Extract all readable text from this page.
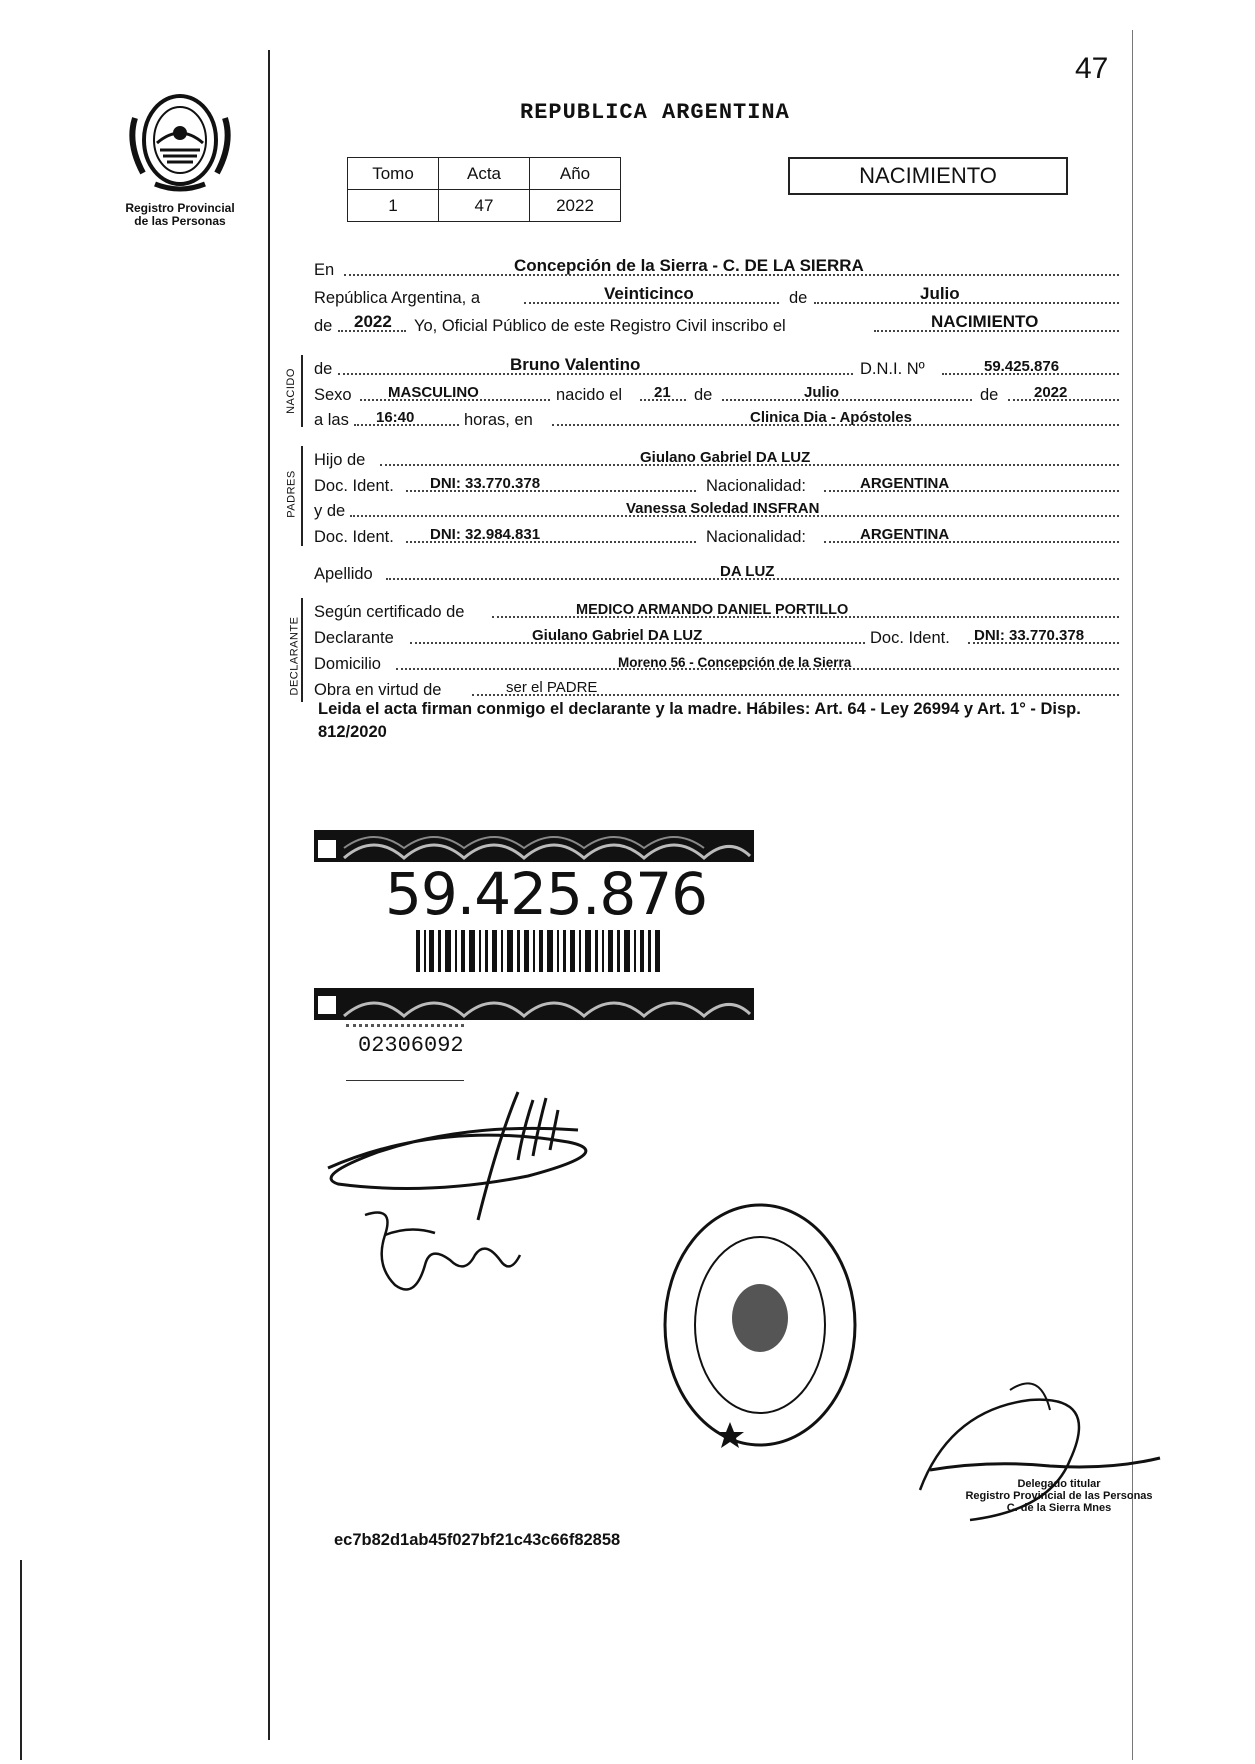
47
Registro Provincial
de las Personas
REPUBLICA ARGENTINA
Tomo	Acta	Año
1	47	2022
NACIMIENTO
En	Concepción de la Sierra - C. DE LA SIERRA
República Argentina, a	Veinticinco	de	Julio
de 2022 Yo, Oficial Público de este Registro Civil inscribo el	NACIMIENTO
NACIDO de	Bruno Valentino	D.N.I. Nº	59.425.876
Sexo MASCULINO	nacido el 21 de	Julio	de 2022
a las 16:40	horas, en	Clinica Dia - Apóstoles
PADRES
Hijo de	Giulano Gabriel DA LUZ
Doc. Ident. DNI: 33.770.378	Nacionalidad:	ARGENTINA
y de	Vanessa Soledad INSFRAN
Doc. Ident. DNI: 32.984.831	Nacionalidad:	ARGENTINA
Apellido	DA LUZ
DECLARANTE
Según certificado de	MEDICO ARMANDO DANIEL PORTILLO
Declarante	Giulano Gabriel DA LUZ	Doc. Ident. DNI: 33.770.378
Domicilio	Moreno 56 - Concepción de la Sierra
Obra en virtud de	ser el PADRE
Leida el acta firman conmigo el declarante y la madre. Hábiles: Art. 64 - Ley 26994 y Art. 1° - Disp. 812/2020
59.425.876
02306092
Delegado titular
Registro Provincial de las Personas
C. de la Sierra Mnes
ec7b82d1ab45f027bf21c43c66f82858
